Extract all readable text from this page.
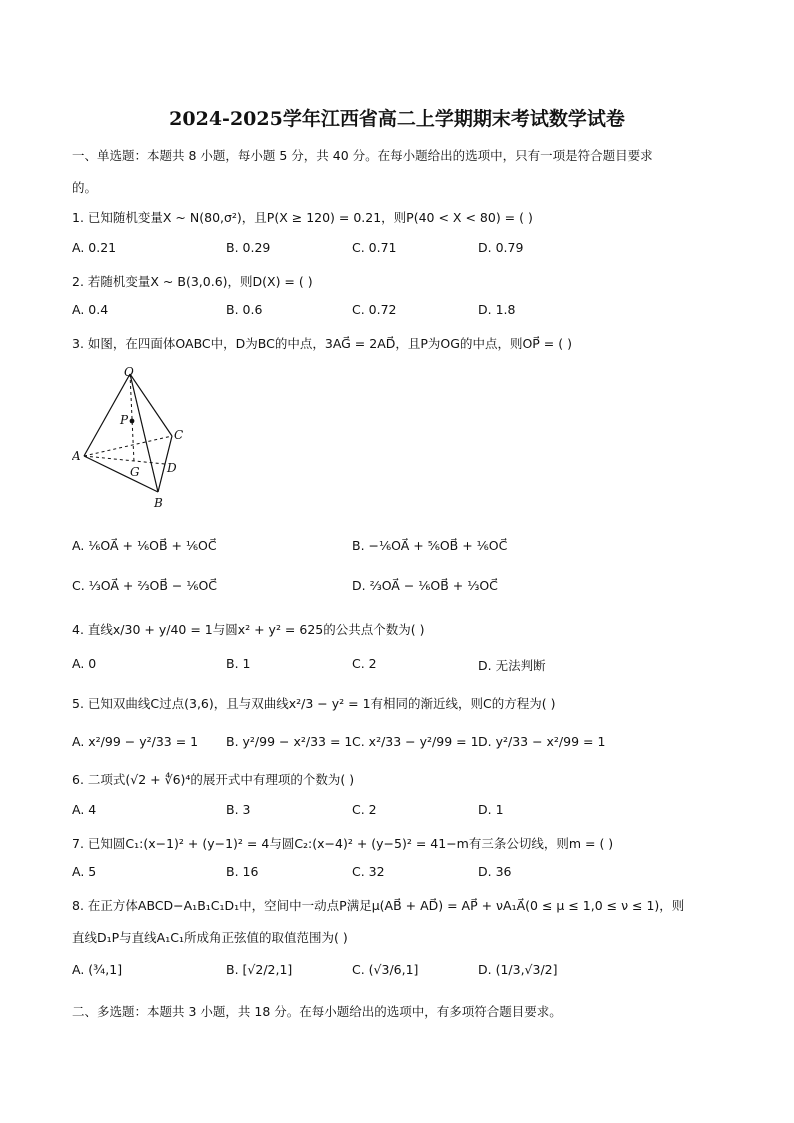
2024-2025学年江西省高二上学期期末考试数学试卷
一、单选题：本题共 8 小题，每小题 5 分，共 40 分。在每小题给出的选项中，只有一项是符合题目要求
的。
1. 已知随机变量X ~ N(80,σ²)，且P(X ≥ 120) = 0.21，则P(40 < X < 80) = ( )
A. 0.21	B. 0.29	C. 0.71	D. 0.79
2. 若随机变量X ~ B(3,0.6)，则D(X) = ( )
A. 0.4	B. 0.6	C. 0.72	D. 1.8
3. 如图，在四面体OABC中，D为BC的中点，3AG⃗ = 2AD⃗，且P为OG的中点，则OP⃗ = ( )
O
P
C
A
D
G
B
A. ⅙OA⃗ + ⅙OB⃗ + ⅙OC⃗	B. −⅙OA⃗ + ⅚OB⃗ + ⅙OC⃗
C. ⅓OA⃗ + ⅔OB⃗ − ⅙OC⃗	D. ⅔OA⃗ − ⅙OB⃗ + ⅓OC⃗
4. 直线x/30 + y/40 = 1与圆x² + y² = 625的公共点个数为( )
A. 0	B. 1	C. 2	D. 无法判断
5. 已知双曲线C过点(3,6)，且与双曲线x²/3 − y² = 1有相同的渐近线，则C的方程为( )
A. x²/99 − y²/33 = 1 B. y²/99 − x²/33 = 1 C. x²/33 − y²/99 = 1 D. y²/33 − x²/99 = 1
6. 二项式(√2 + ∜6)⁴的展开式中有理项的个数为( )
A. 4	B. 3	C. 2	D. 1
7. 已知圆C₁:(x−1)² + (y−1)² = 4与圆C₂:(x−4)² + (y−5)² = 41−m有三条公切线，则m = ( )
A. 5	B. 16	C. 32	D. 36
8. 在正方体ABCD−A₁B₁C₁D₁中，空间中一动点P满足μ(AB⃗ + AD⃗) = AP⃗ + νA₁A⃗(0 ≤ μ ≤ 1,0 ≤ ν ≤ 1)，则
直线D₁P与直线A₁C₁所成角正弦值的取值范围为( )
A. (¾,1]	B. [√2/2,1]	C. (√3/6,1]	D. (1/3,√3/2]
二、多选题：本题共 3 小题，共 18 分。在每小题给出的选项中，有多项符合题目要求。
